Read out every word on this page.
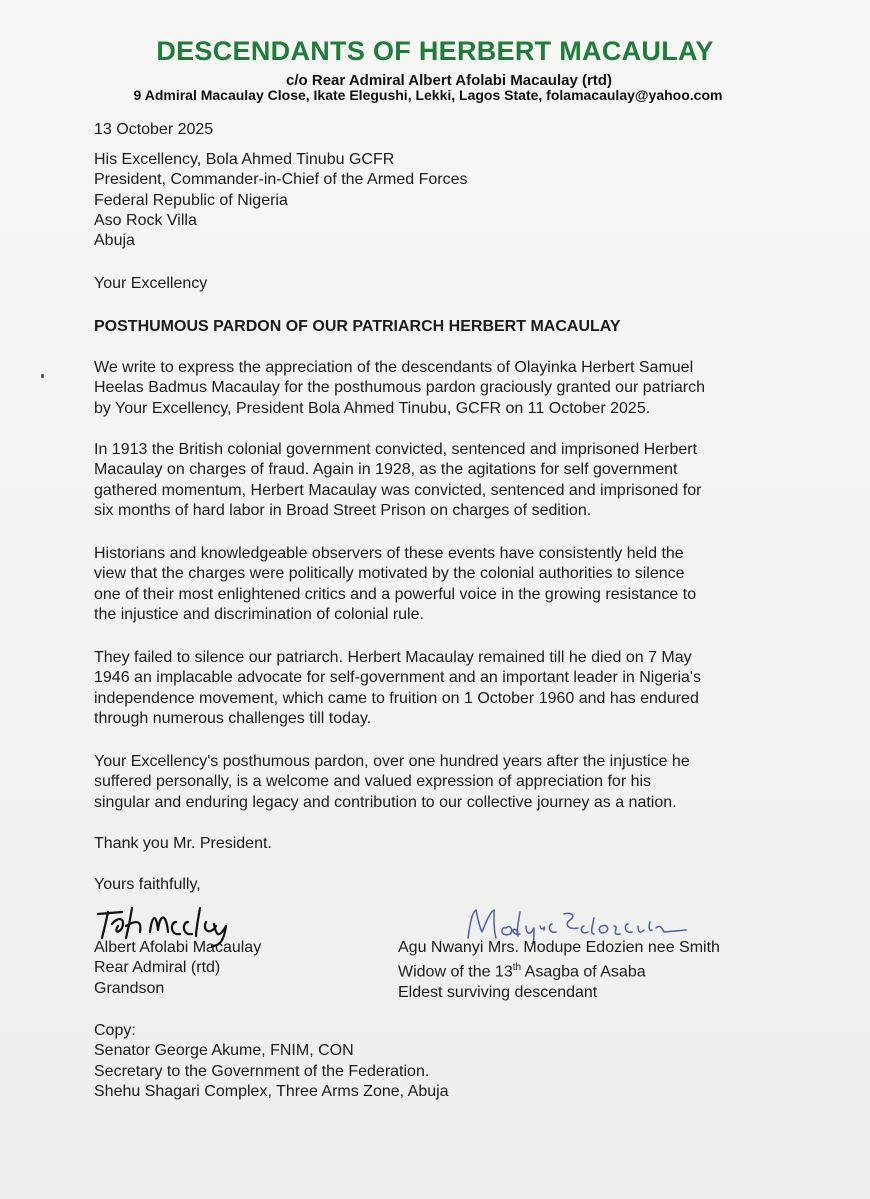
DESCENDANTS OF HERBERT MACAULAY
c/o Rear Admiral Albert Afolabi Macaulay (rtd)
9 Admiral Macaulay Close, Ikate Elegushi, Lekki, Lagos State, folamacaulay@yahoo.com
13 October 2025
His Excellency, Bola Ahmed Tinubu GCFR
President, Commander-in-Chief of the Armed Forces
Federal Republic of Nigeria
Aso Rock Villa
Abuja
Your Excellency
POSTHUMOUS PARDON OF OUR PATRIARCH HERBERT MACAULAY
We write to express the appreciation of the descendants of Olayinka Herbert Samuel
Heelas Badmus Macaulay for the posthumous pardon graciously granted our patriarch
by Your Excellency, President Bola Ahmed Tinubu, GCFR on 11 October 2025.
In 1913 the British colonial government convicted, sentenced and imprisoned Herbert
Macaulay on charges of fraud. Again in 1928, as the agitations for self government
gathered momentum, Herbert Macaulay was convicted, sentenced and imprisoned for
six months of hard labor in Broad Street Prison on charges of sedition.
Historians and knowledgeable observers of these events have consistently held the
view that the charges were politically motivated by the colonial authorities to silence
one of their most enlightened critics and a powerful voice in the growing resistance to
the injustice and discrimination of colonial rule.
They failed to silence our patriarch. Herbert Macaulay remained till he died on 7 May
1946 an implacable advocate for self-government and an important leader in Nigeria's
independence movement, which came to fruition on 1 October 1960 and has endured
through numerous challenges till today.
Your Excellency's posthumous pardon, over one hundred years after the injustice he
suffered personally, is a welcome and valued expression of appreciation for his
singular and enduring legacy and contribution to our collective journey as a nation.
Thank you Mr. President.
Yours faithfully,
Albert Afolabi Macaulay
Rear Admiral (rtd)
Grandson
Agu Nwanyi Mrs. Modupe Edozien nee Smith
Widow of the 13th Asagba of Asaba
Eldest surviving descendant
Copy:
Senator George Akume, FNIM, CON
Secretary to the Government of the Federation.
Shehu Shagari Complex, Three Arms Zone, Abuja
